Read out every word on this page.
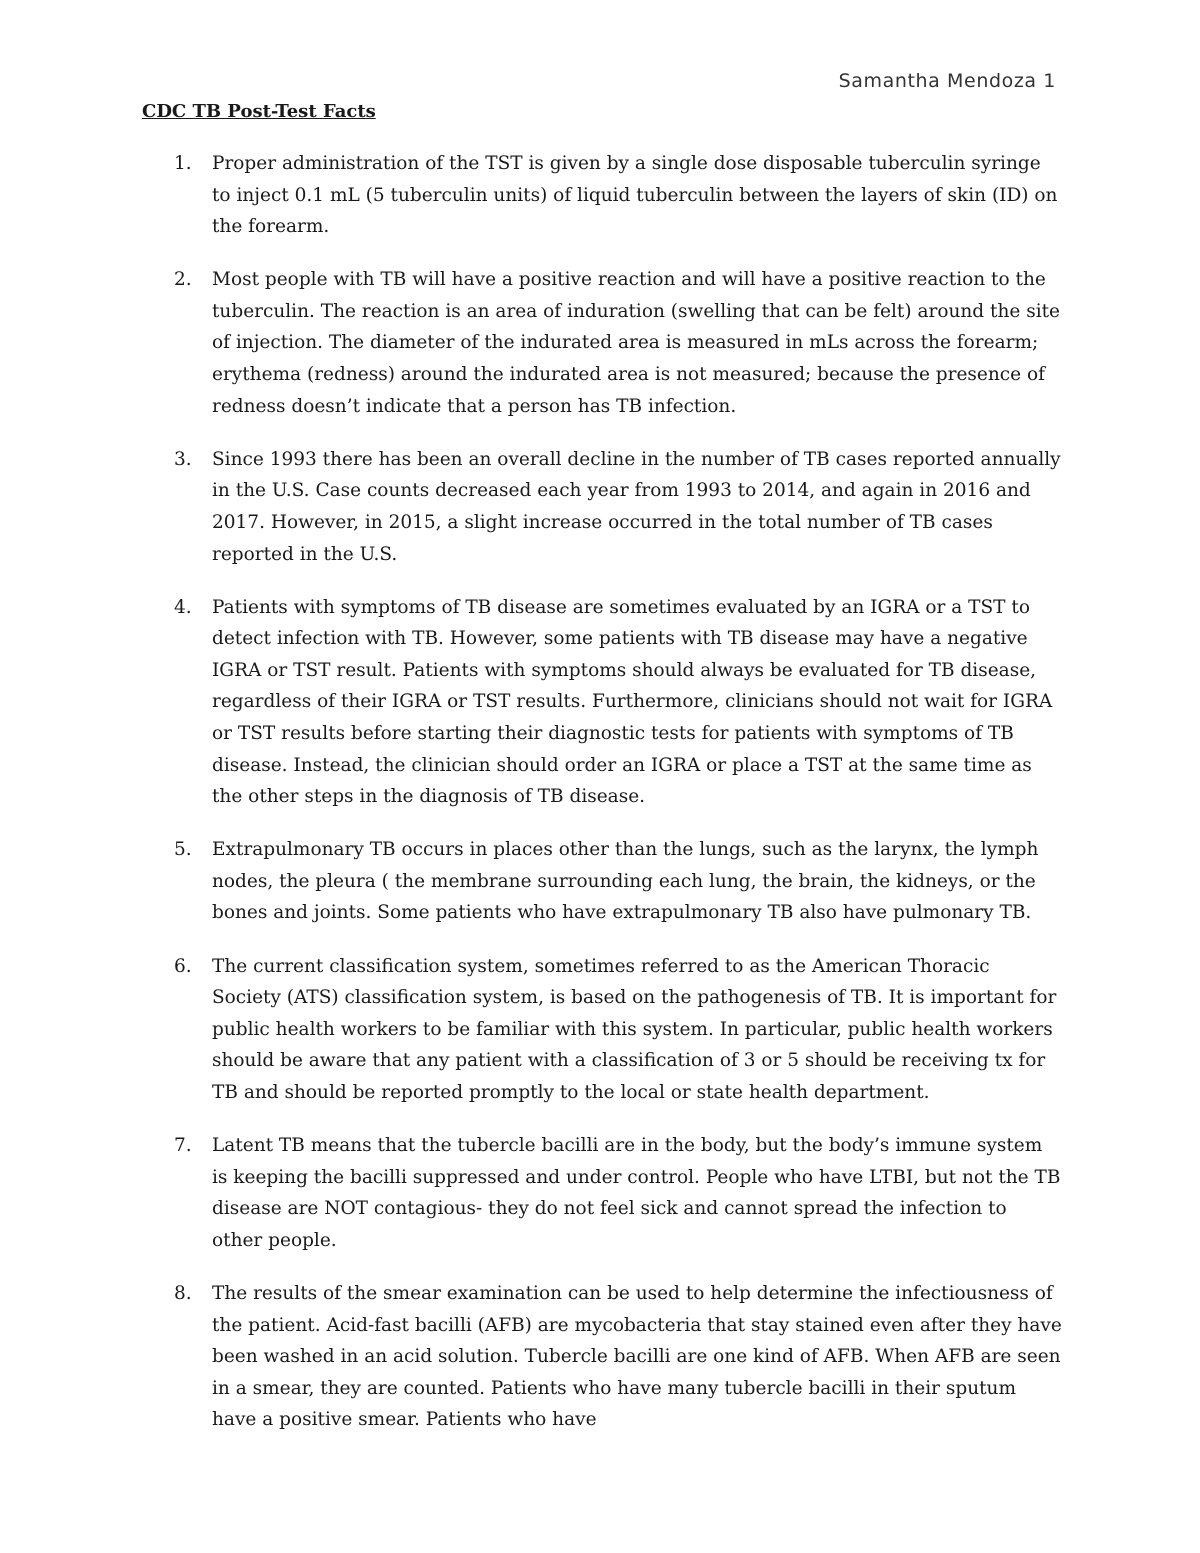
Samantha Mendoza 1
CDC TB Post-Test Facts
1. Proper administration of the TST is given by a single dose disposable tuberculin syringe to inject 0.1 mL (5 tuberculin units) of liquid tuberculin between the layers of skin (ID) on the forearm.
2. Most people with TB will have a positive reaction and will have a positive reaction to the tuberculin. The reaction is an area of induration (swelling that can be felt) around the site of injection. The diameter of the indurated area is measured in mLs across the forearm; erythema (redness) around the indurated area is not measured; because the presence of redness doesn’t indicate that a person has TB infection.
3. Since 1993 there has been an overall decline in the number of TB cases reported annually in the U.S. Case counts decreased each year from 1993 to 2014, and again in 2016 and 2017. However, in 2015, a slight increase occurred in the total number of TB cases reported in the U.S.
4. Patients with symptoms of TB disease are sometimes evaluated by an IGRA or a TST to detect infection with TB. However, some patients with TB disease may have a negative IGRA or TST result. Patients with symptoms should always be evaluated for TB disease, regardless of their IGRA or TST results. Furthermore, clinicians should not wait for IGRA or TST results before starting their diagnostic tests for patients with symptoms of TB disease. Instead, the clinician should order an IGRA or place a TST at the same time as the other steps in the diagnosis of TB disease.
5. Extrapulmonary TB occurs in places other than the lungs, such as the larynx, the lymph nodes, the pleura ( the membrane surrounding each lung, the brain, the kidneys, or the bones and joints. Some patients who have extrapulmonary TB also have pulmonary TB.
6. The current classification system, sometimes referred to as the American Thoracic Society (ATS) classification system, is based on the pathogenesis of TB. It is important for public health workers to be familiar with this system. In particular, public health workers should be aware that any patient with a classification of 3 or 5 should be receiving tx for TB and should be reported promptly to the local or state health department.
7. Latent TB means that the tubercle bacilli are in the body, but the body’s immune system is keeping the bacilli suppressed and under control. People who have LTBI, but not the TB disease are NOT contagious- they do not feel sick and cannot spread the infection to other people.
8. The results of the smear examination can be used to help determine the infectiousness of the patient. Acid-fast bacilli (AFB) are mycobacteria that stay stained even after they have been washed in an acid solution. Tubercle bacilli are one kind of AFB. When AFB are seen in a smear, they are counted. Patients who have many tubercle bacilli in their sputum have a positive smear. Patients who have
